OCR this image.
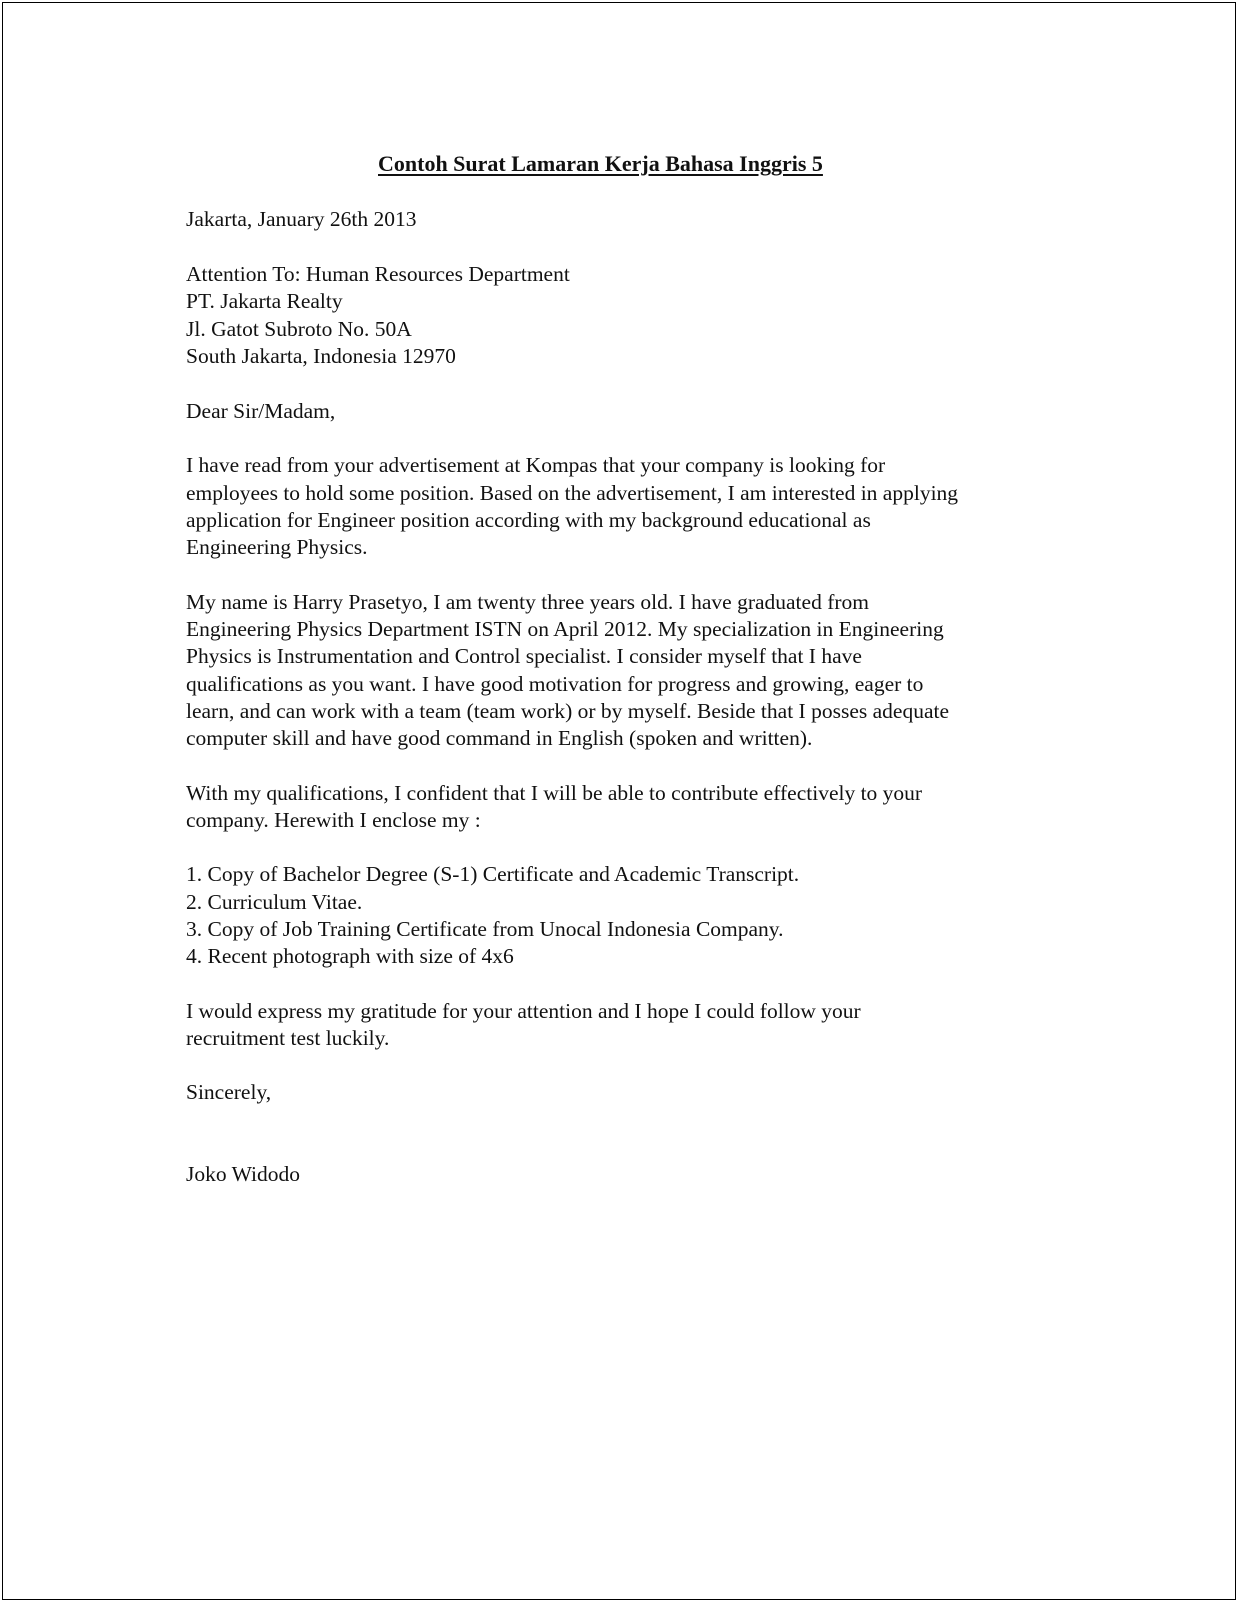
Contoh Surat Lamaran Kerja Bahasa Inggris 5
Jakarta, January 26th 2013
Attention To: Human Resources Department
PT. Jakarta Realty
Jl. Gatot Subroto No. 50A
South Jakarta, Indonesia 12970
Dear Sir/Madam,
I have read from your advertisement at Kompas that your company is looking for
employees to hold some position. Based on the advertisement, I am interested in applying
application for Engineer position according with my background educational as
Engineering Physics.
My name is Harry Prasetyo, I am twenty three years old. I have graduated from
Engineering Physics Department ISTN on April 2012. My specialization in Engineering
Physics is Instrumentation and Control specialist. I consider myself that I have
qualifications as you want. I have good motivation for progress and growing, eager to
learn, and can work with a team (team work) or by myself. Beside that I posses adequate
computer skill and have good command in English (spoken and written).
With my qualifications, I confident that I will be able to contribute effectively to your
company. Herewith I enclose my :
1. Copy of Bachelor Degree (S-1) Certificate and Academic Transcript.
2. Curriculum Vitae.
3. Copy of Job Training Certificate from Unocal Indonesia Company.
4. Recent photograph with size of 4x6
I would express my gratitude for your attention and I hope I could follow your
recruitment test luckily.
Sincerely,
Joko Widodo
